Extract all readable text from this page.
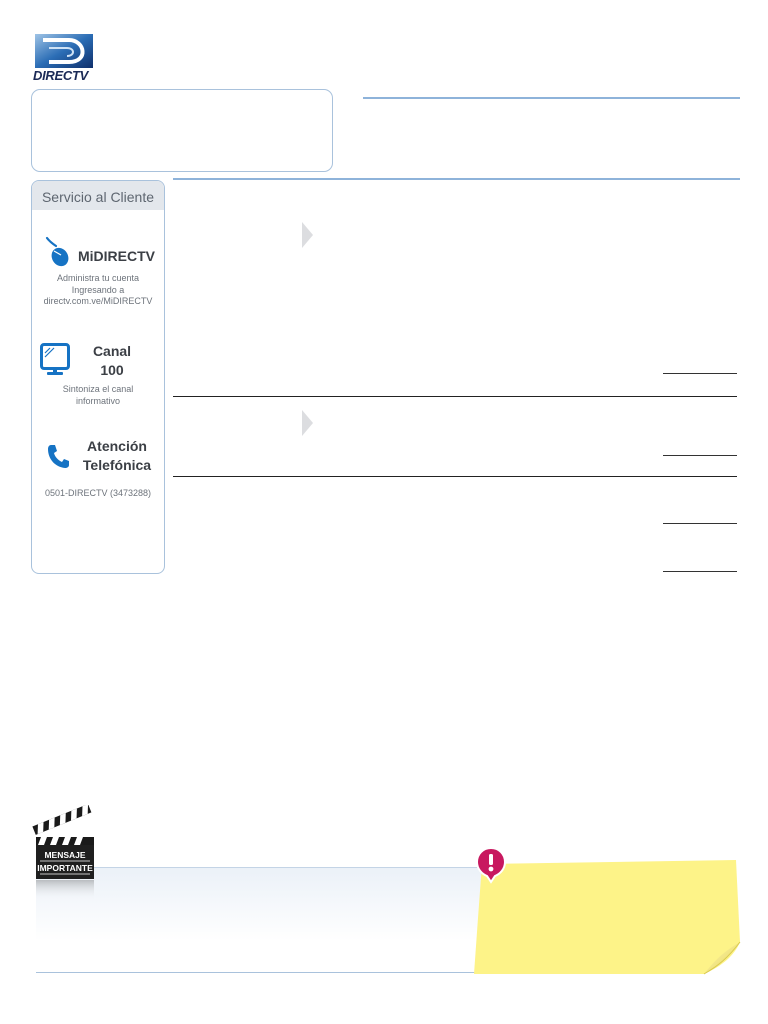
DIRECTV
Servicio al Cliente
MiDIRECTV
Administra tu cuenta
Ingresando a
directv.com.ve/MiDIRECTV
Canal
100
Sintoniza el canal
informativo
Atención
Telefónica
0501-DIRECTV (3473288)
MENSAJE
IMPORTANTE
